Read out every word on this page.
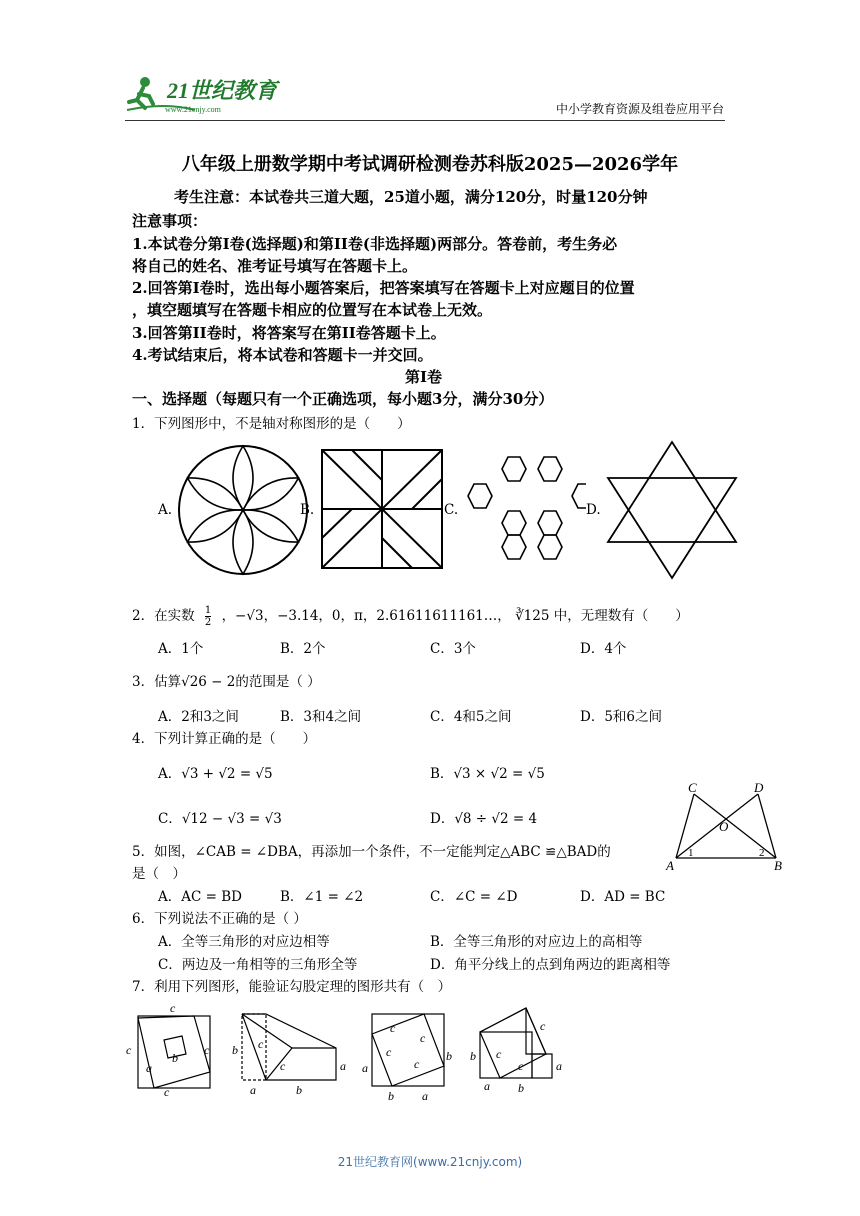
21世纪教育
www.21cnjy.com	中小学教育资源及组卷应用平台
八年级上册数学期中考试调研检测卷苏科版2025—2026学年
考生注意：本试卷共三道大题，25道小题，满分120分，时量120分钟
注意事项：
1.本试卷分第I卷(选择题)和第II卷(非选择题)两部分。答卷前，考生务必
将自己的姓名、准考证号填写在答题卡上。
2.回答第I卷时，选出每小题答案后，把答案填写在答题卡上对应题目的位置
，填空题填写在答题卡相应的位置写在本试卷上无效。
3.回答第II卷时，将答案写在第II卷答题卡上。
4.考试结束后，将本试卷和答题卡一并交回。
第I卷
一、选择题（每题只有一个正确选项，每小题3分，满分30分）
1．下列图形中，不是轴对称图形的是（　　）
A.	B.	C.	D.
2．在实数 $\frac{1}{2}$ ，−√3，−3.14，0，π，2.61611611161…， ∛125 中，无理数有（　　）
A．1个	B．2个	C．3个	D．4个
3．估算√26 − 2的范围是（ ）
A．2和3之间	B．3和4之间	C．4和5之间	D．5和6之间
4．下列计算正确的是（　　）
A．√3 + √2 = √5	B．√3 × √2 = √5
C．√12 − √3 = √3	D．√8 ÷ √2 = 4
C	D
O
A	B
1	2
5．如图，∠CAB = ∠DBA，再添加一个条件，不一定能判定△ABC ≌△BAD的
是（　）
A．AC = BD	B．∠1 = ∠2	C．∠C = ∠D	D．AD = BC
6．下列说法不正确的是（ ）
A．全等三角形的对应边相等	B．全等三角形的对应边上的高相等
C．两边及一角相等的三角形全等	D．角平分线上的点到角两边的距离相等
7．利用下列图形，能验证勾股定理的图形共有（　）
c
c	c
c
a
b
b c
c	a
a	b
c
c
c
c
a
b
b a
b c
c
c	a
a b
21世纪教育网(www.21cnjy.com)
